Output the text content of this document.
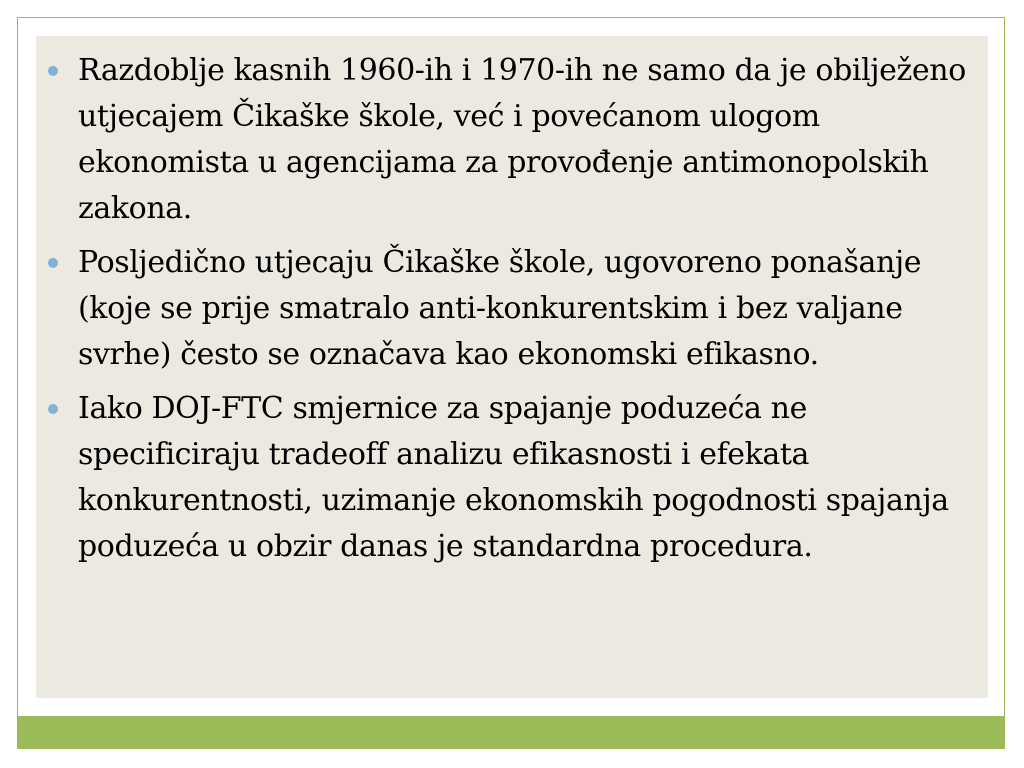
Razdoblje kasnih 1960-ih i 1970-ih ne samo da je obilježeno utjecajem Čikaške škole, već i povećanom ulogom ekonomista u agencijama za provođenje antimonopolskih zakona.
Posljedično utjecaju Čikaške škole, ugovoreno ponašanje (koje se prije smatralo anti-konkurentskim i bez valjane svrhe) često se označava kao ekonomski efikasno.
Iako DOJ-FTC smjernice za spajanje poduzeća ne specificiraju tradeoff analizu efikasnosti i efekata konkurentnosti, uzimanje ekonomskih pogodnosti spajanja poduzeća u obzir danas je standardna procedura.
